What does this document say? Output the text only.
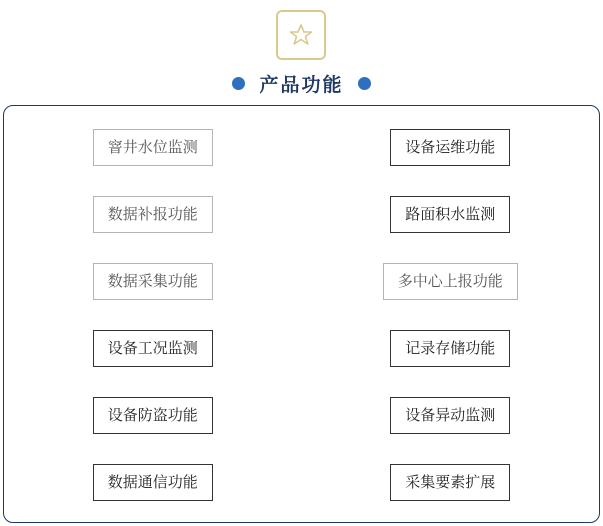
产品功能
窨井水位监测	设备运维功能
数据补报功能	路面积水监测
数据采集功能	多中心上报功能
设备工况监测	记录存储功能
设备防盗功能	设备异动监测
数据通信功能	采集要素扩展
